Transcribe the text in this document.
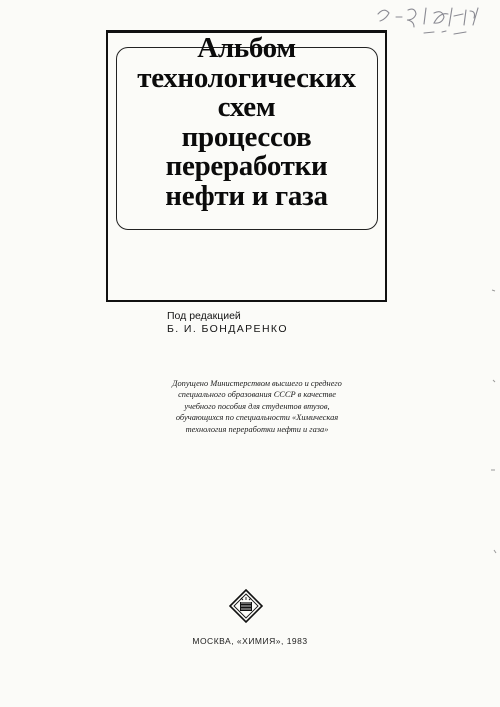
Альбом
технологических
схем
процессов
переработки
нефти и газа
Под редакцией
Б. И. БОНДАРЕНКО
Допущено Министерством высшего и среднего
специального образования СССР в качестве
учебного пособия для студентов втузов,
обучающихся по специальности «Химическая
технология переработки нефти и газа»
МОСКВА, «ХИМИЯ», 1983
